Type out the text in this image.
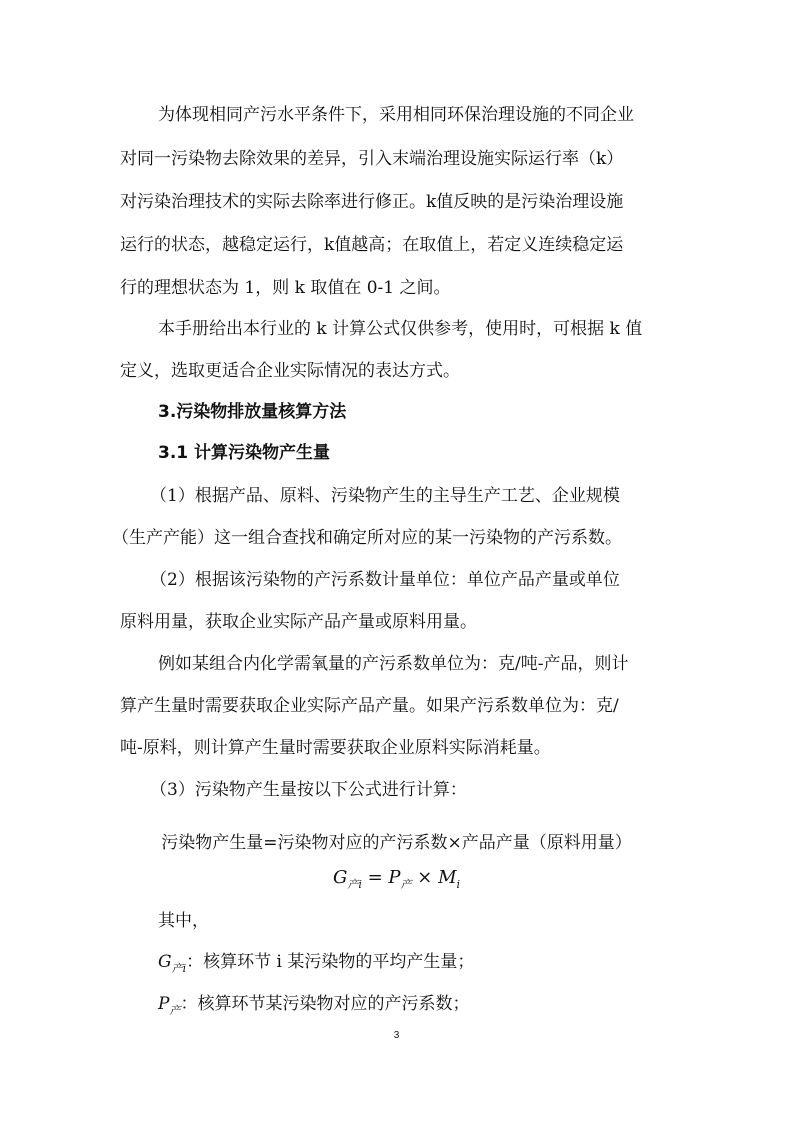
为体现相同产污水平条件下，采用相同环保治理设施的不同企业
对同一污染物去除效果的差异，引入末端治理设施实际运行率（k）
对污染治理技术的实际去除率进行修正。k值反映的是污染治理设施
运行的状态，越稳定运行，k值越高；在取值上，若定义连续稳定运
行的理想状态为 1，则 k 取值在 0-1 之间。
本手册给出本行业的 k 计算公式仅供参考，使用时，可根据 k 值
定义，选取更适合企业实际情况的表达方式。
3.污染物排放量核算方法
3.1 计算污染物产生量
（1）根据产品、原料、污染物产生的主导生产工艺、企业规模
（生产产能）这一组合查找和确定所对应的某一污染物的产污系数。
（2）根据该污染物的产污系数计量单位：单位产品产量或单位
原料用量，获取企业实际产品产量或原料用量。
例如某组合内化学需氧量的产污系数单位为：克/吨-产品，则计
算产生量时需要获取企业实际产品产量。如果产污系数单位为：克/
吨-原料，则计算产生量时需要获取企业原料实际消耗量。
（3）污染物产生量按以下公式进行计算：
污染物产生量=污染物对应的产污系数×产品产量（原料用量）
$G_{产i} = P_产 \times M_i$
其中，
$G_{产i}$：核算环节 i 某污染物的平均产生量；
$P_产$：核算环节某污染物对应的产污系数；
3
